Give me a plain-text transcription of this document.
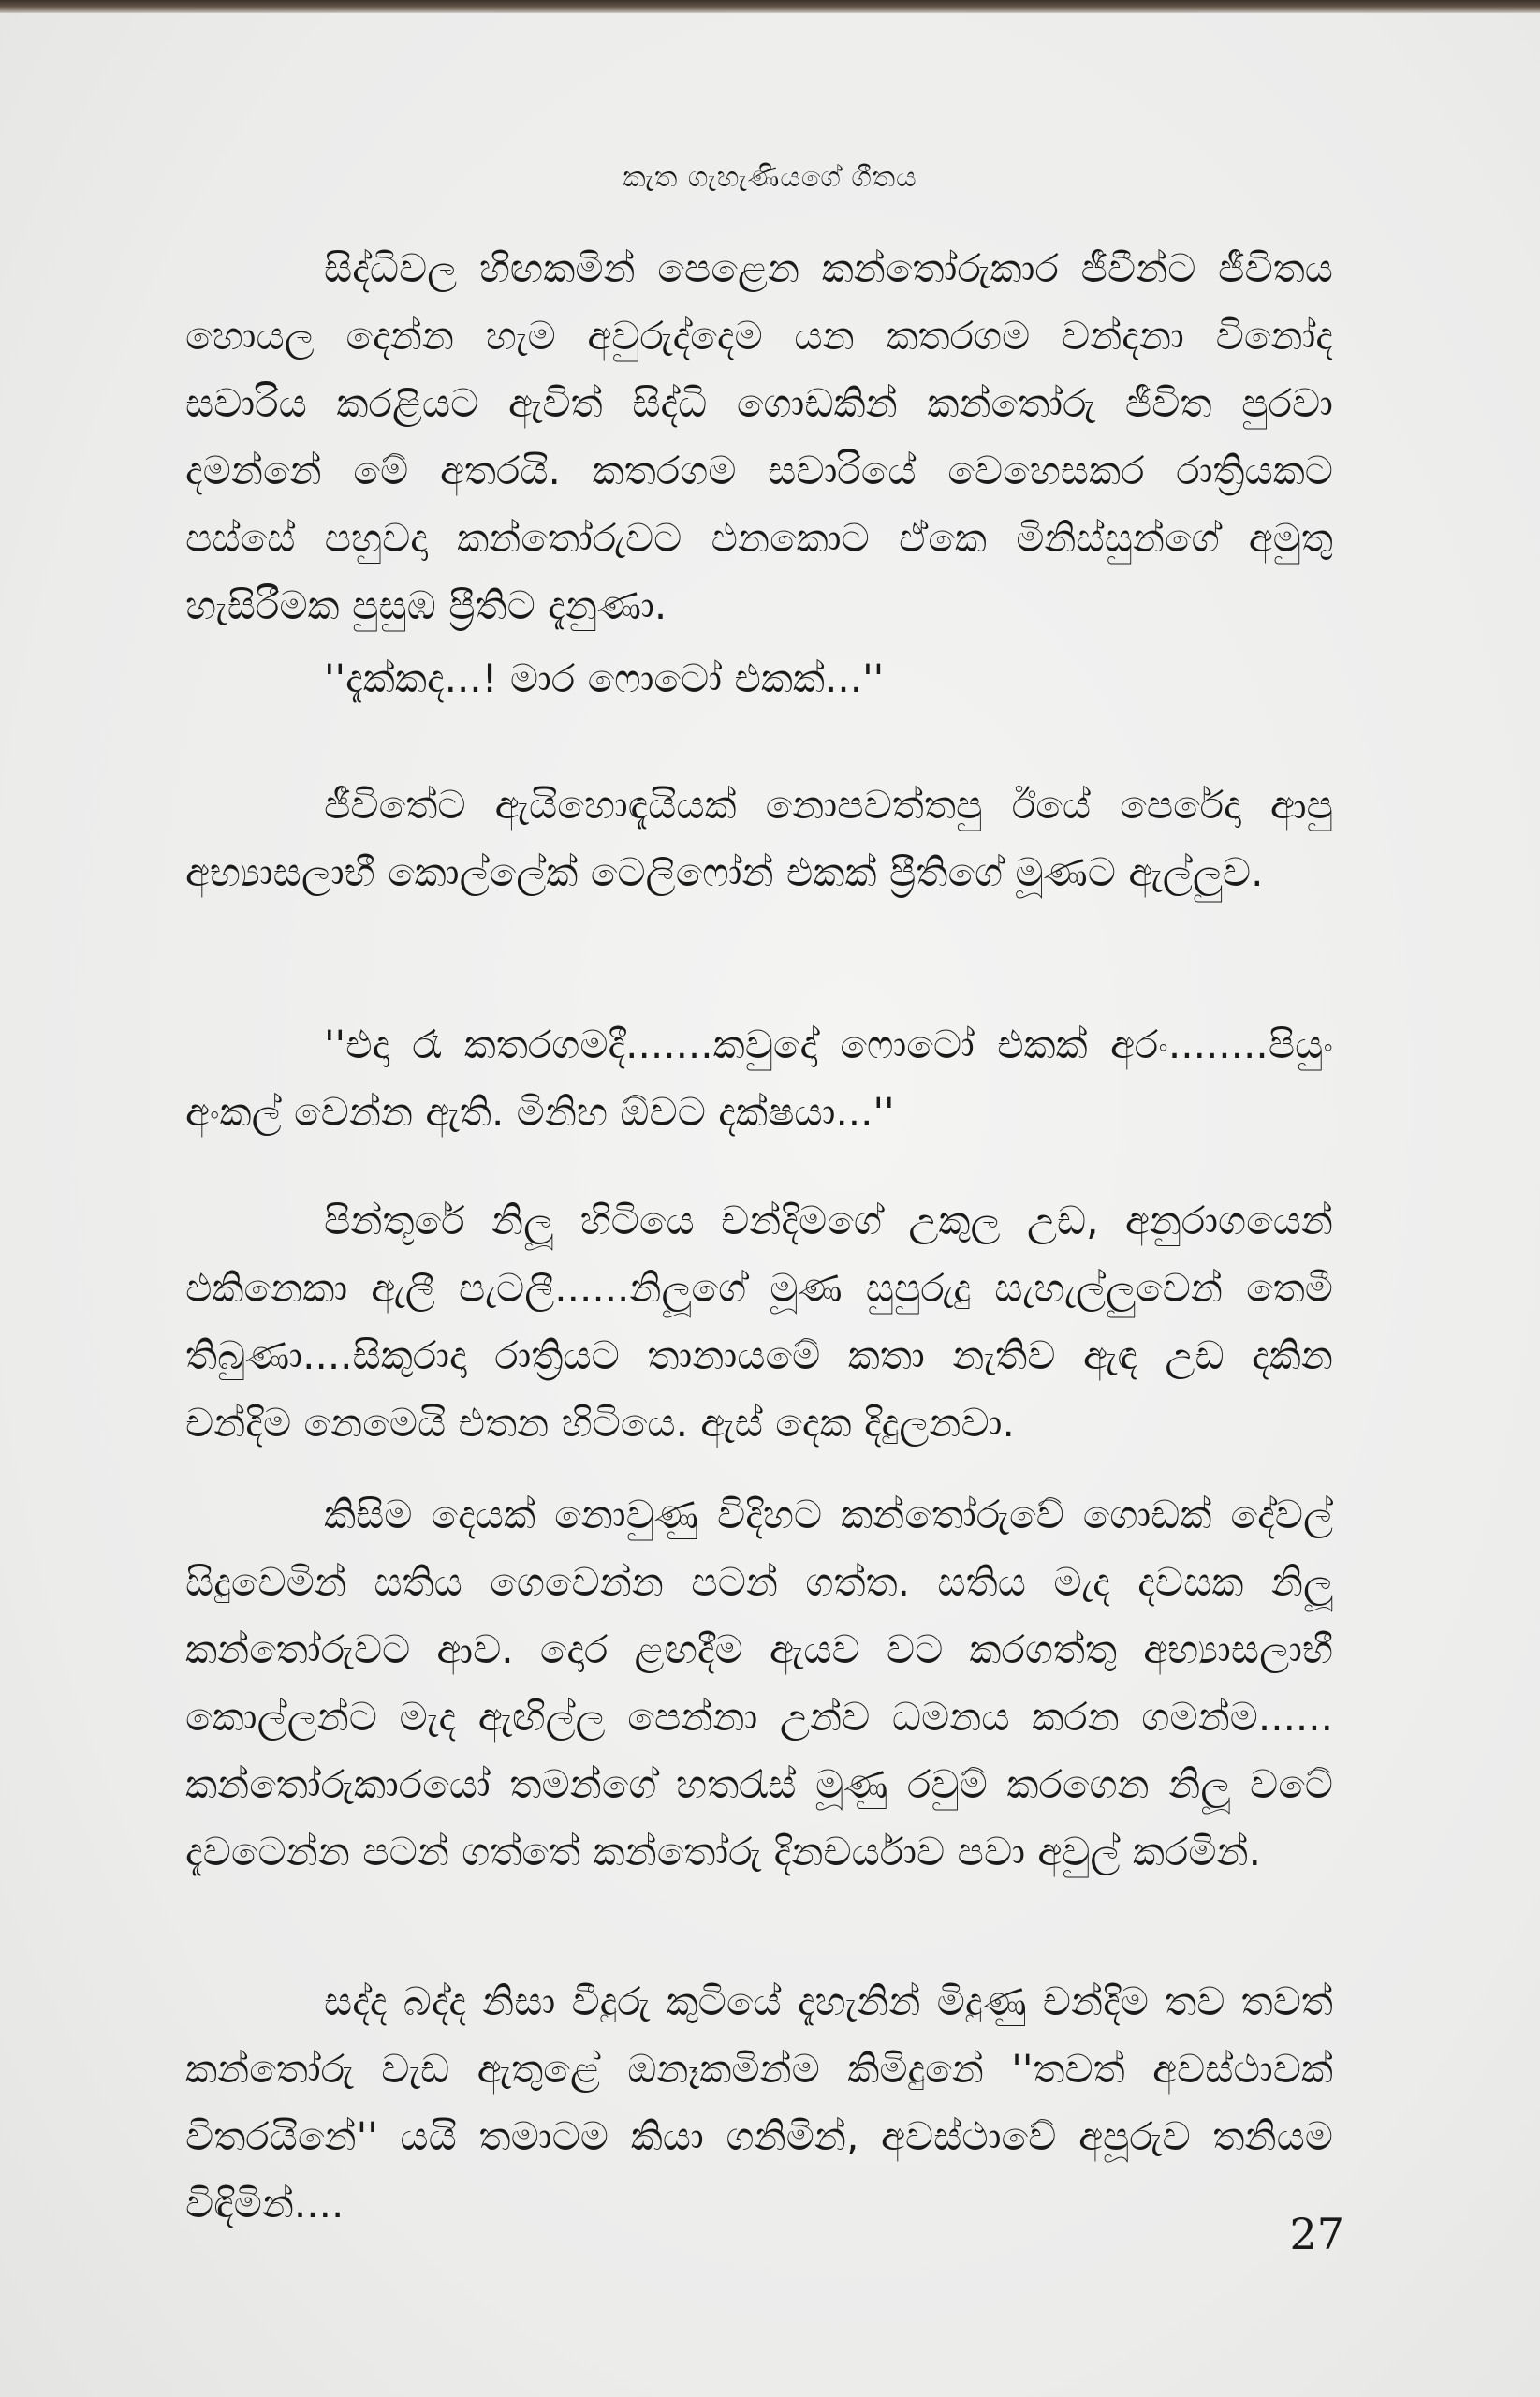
කැත ගැහැණියගේ ගීතය

සිද්ධිවල හිඟකමින් පෙළෙන කන්තෝරුකාර ජීවීන්ට ජීවිතය හොයල දෙන්න හැම අවුරුද්දෙම යන කතරගම වන්දනා විනෝද සවාරිය කරළියට ඇවිත් සිද්ධි ගොඩකින් කන්තෝරු ජීවිත පුරවා දමන්නේ මේ අතරයි. කතරගම සවාරියේ වෙහෙසකර රාත්‍රියකට පස්සේ පහුවදා කන්තෝරුවට එනකොට ඒකෙ මිනිස්සුන්ගේ අමුතු හැසිරීමක පුසුඹ ප්‍රීතිට දැනුණා.

''දැක්කද...! මාර ෆොටෝ එකක්...''

ජීවිතේට ඇයිහොඳැයියක් නොපවත්තපු ඊයේ පෙරේදා ආපු අභ්‍යාසලාභී කොල්ලේක් ටෙලිෆෝන් එකක් ප්‍රීතිගේ මූණට ඇල්ලුව.

''එදා රෑ කතරගමදී.......කවුදෝ ෆොටෝ එකක් අරං........පියුං අංකල් වෙන්න ඇති. මිනිහ ඕවට දක්ෂයා...''

පින්තූරේ නිලූ හිටියෙ චන්දිමගේ උකුල උඩ, අනුරාගයෙන් එකිනෙකා ඇලී පැටලී......නිලූගේ මූණ සුපුරුදු සැහැල්ලුවෙන් තෙමී තිබුණා....සිකුරාදා රාත්‍රියට තානායමේ කතා නැතිව ඇඳ උඩ දකින චන්දිම නෙමෙයි එතන හිටියෙ. ඇස් දෙක දිදුලනවා.

කිසිම දෙයක් නොවුණු විදිහට කන්තෝරුවේ ගොඩක් දේවල් සිදුවෙමින් සතිය ගෙවෙන්න පටන් ගත්ත. සතිය මැද දවසක නිලූ කන්තෝරුවට ආව. දොර ළඟදීම ඇයව වට කරගත්තු අභ්‍යාසලාභී කොල්ලන්ට මැද ඇඟිල්ල පෙන්නා උන්ව ධමනය කරන ගමන්ම...... කන්තෝරුකාරයෝ තමන්ගේ හතරැස් මූණු රවුම් කරගෙන නිලූ වටේ දැවටෙන්න පටන් ගත්තේ කන්තෝරු දිනචර්යාව පවා අවුල් කරමින්.

සද්ද බද්ද නිසා වීදුරු කුටියේ දැහැනින් මිදුණු චන්දිම තව තවත් කන්තෝරු වැඩ ඇතුළේ ඔනෑකමින්ම කිමිදුනේ ''තවත් අවස්ථාවක් විතරයිනේ'' යයි තමාටම කියා ගනිමින්, අවස්ථාවේ අපූරුව තනියම විඳිමින්....

27
